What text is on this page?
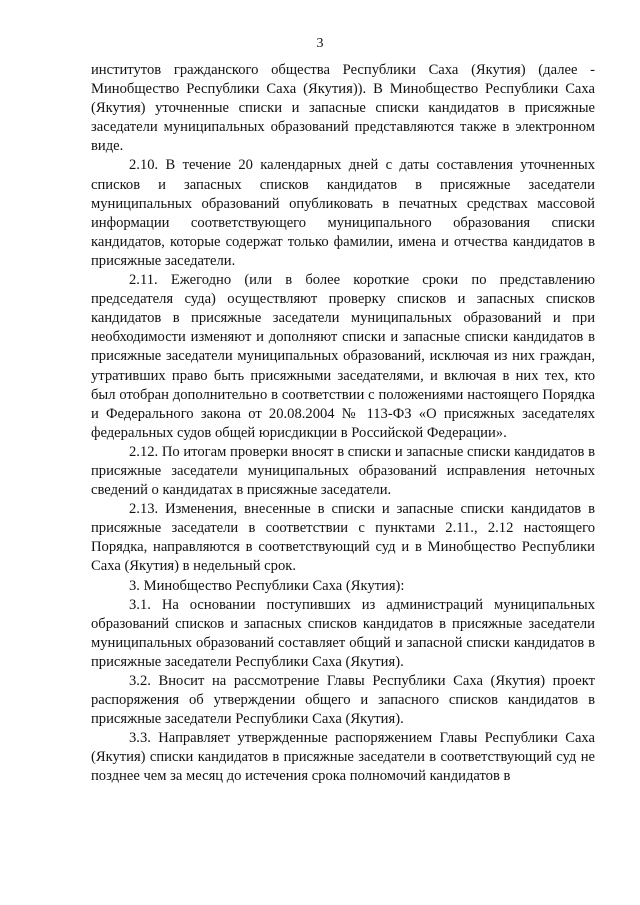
3

институтов гражданского общества Республики Саха (Якутия) (далее - Минобщество Республики Саха (Якутия)). В Минобщество Республики Саха (Якутия) уточненные списки и запасные списки кандидатов в присяжные заседатели муниципальных образований представляются также в электронном виде.

2.10. В течение 20 календарных дней с даты составления уточненных списков и запасных списков кандидатов в присяжные заседатели муниципальных образований опубликовать в печатных средствах массовой информации соответствующего муниципального образования списки кандидатов, которые содержат только фамилии, имена и отчества кандидатов в присяжные заседатели.

2.11. Ежегодно (или в более короткие сроки по представлению председателя суда) осуществляют проверку списков и запасных списков кандидатов в присяжные заседатели муниципальных образований и при необходимости изменяют и дополняют списки и запасные списки кандидатов в присяжные заседатели муниципальных образований, исключая из них граждан, утративших право быть присяжными заседателями, и включая в них тех, кто был отобран дополнительно в соответствии с положениями настоящего Порядка и Федерального закона от 20.08.2004 № 113-ФЗ «О присяжных заседателях федеральных судов общей юрисдикции в Российской Федерации».

2.12. По итогам проверки вносят в списки и запасные списки кандидатов в присяжные заседатели муниципальных образований исправления неточных сведений о кандидатах в присяжные заседатели.

2.13. Изменения, внесенные в списки и запасные списки кандидатов в присяжные заседатели в соответствии с пунктами 2.11., 2.12 настоящего Порядка, направляются в соответствующий суд и в Минобщество Республики Саха (Якутия) в недельный срок.

3. Минобщество Республики Саха (Якутия):

3.1. На основании поступивших из администраций муниципальных образований списков и запасных списков кандидатов в присяжные заседатели муниципальных образований составляет общий и запасной списки кандидатов в присяжные заседатели Республики Саха (Якутия).

3.2. Вносит на рассмотрение Главы Республики Саха (Якутия) проект распоряжения об утверждении общего и запасного списков кандидатов в присяжные заседатели Республики Саха (Якутия).

3.3. Направляет утвержденные распоряжением Главы Республики Саха (Якутия) списки кандидатов в присяжные заседатели в соответствующий суд не позднее чем за месяц до истечения срока полномочий кандидатов в
